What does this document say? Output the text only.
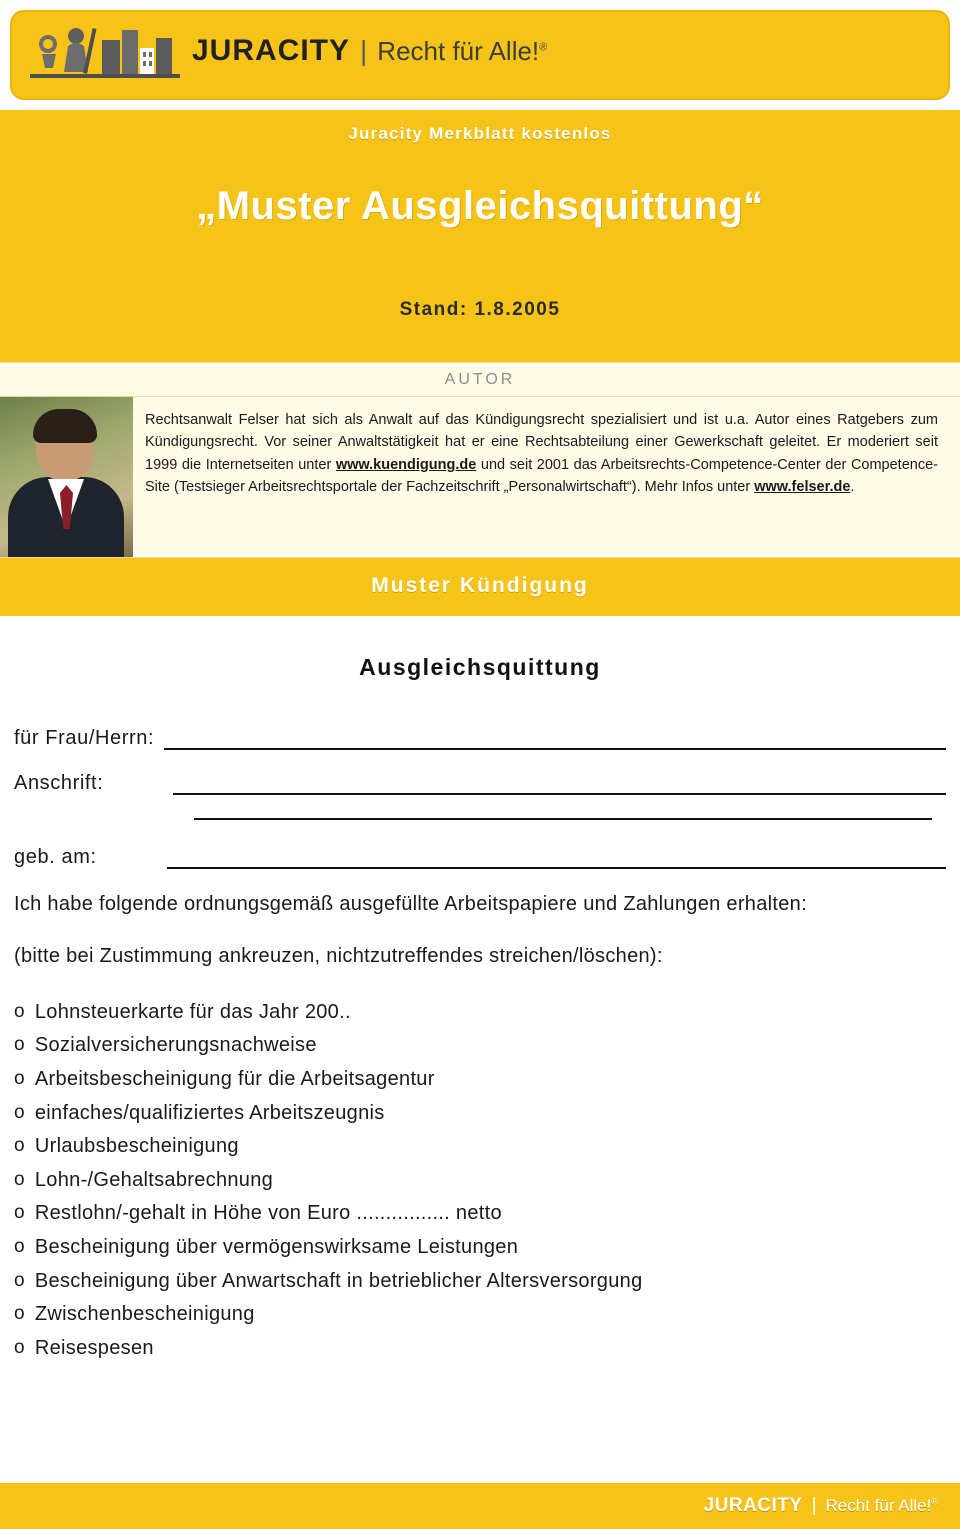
JURACITY | Recht für Alle!®
Juracity Merkblatt kostenlos
„Muster Ausgleichsquittung“
Stand: 1.8.2005
AUTOR
Rechtsanwalt Felser hat sich als Anwalt auf das Kündigungsrecht spezialisiert und ist u.a. Autor eines Ratgebers zum Kündigungsrecht. Vor seiner Anwaltstätigkeit hat er eine Rechtsabteilung einer Gewerkschaft geleitet. Er moderiert seit 1999 die Internetseiten unter www.kuendigung.de und seit 2001 das Arbeitsrechts-Competence-Center der Competence-Site (Testsieger Arbeitsrechtsportale der Fachzeitschrift „Personalwirtschaft“). Mehr Infos unter www.felser.de.
Muster Kündigung
Ausgleichsquittung
für Frau/Herrn:
Anschrift:
geb. am:

Ich habe folgende ordnungsgemäß ausgefüllte Arbeitspapiere und Zahlungen erhalten:

(bitte bei Zustimmung ankreuzen, nichtzutreffendes streichen/löschen):

o Lohnsteuerkarte für das Jahr 200..
o Sozialversicherungsnachweise
o Arbeitsbescheinigung für die Arbeitsagentur
o einfaches/qualifiziertes Arbeitszeugnis
o Urlaubsbescheinigung
o Lohn-/Gehaltsabrechnung
o Restlohn/-gehalt in Höhe von Euro ................ netto
o Bescheinigung über vermögenswirksame Leistungen
o Bescheinigung über Anwartschaft in betrieblicher Altersversorgung
o Zwischenbescheinigung
o Reisespesen
JURACITY | Recht für Alle!®
